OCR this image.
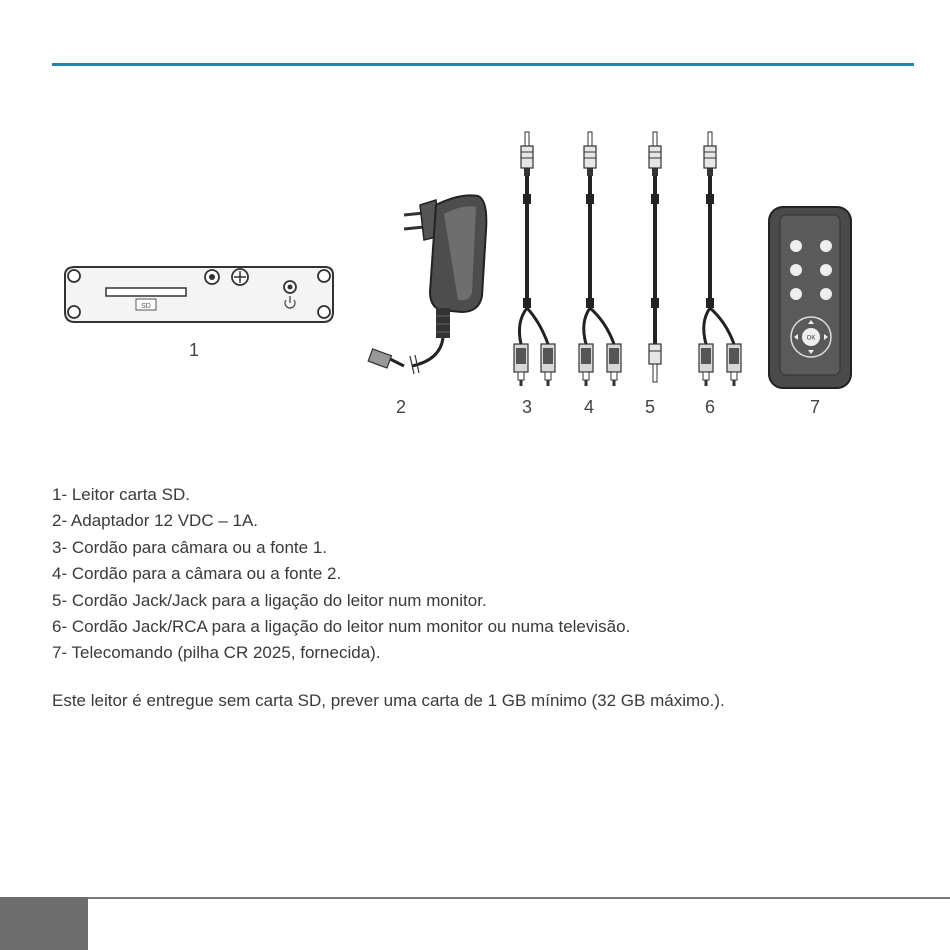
SD
OK
1
2	3	4	5	6	7
1- Leitor carta SD.
2- Adaptador 12 VDC – 1A.
3- Cordão para câmara ou a fonte 1.
4- Cordão para a câmara ou a fonte 2.
5- Cordão Jack/Jack para a ligação do leitor num monitor.
6- Cordão Jack/RCA para a ligação do leitor num monitor ou numa televisão.
7- Telecomando (pilha CR 2025, fornecida).
Este leitor é entregue sem carta SD, prever uma carta de 1 GB mínimo (32 GB máximo.).
